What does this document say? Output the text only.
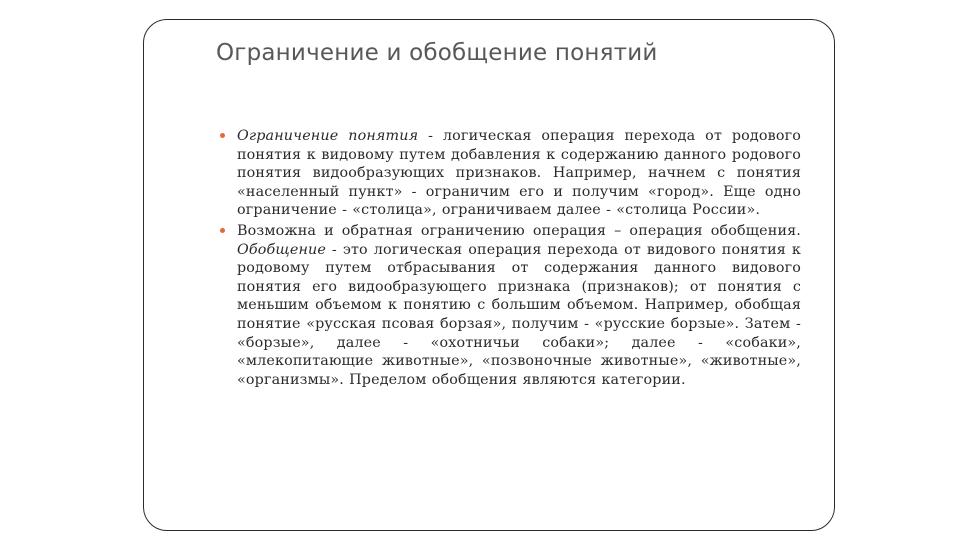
Ограничение и обобщение понятий
Ограничение понятия - логическая операция перехода от родового понятия к видовому путем добавления к содержанию данного родового понятия видообразующих признаков. Например, начнем с понятия «населенный пункт» - ограничим его и получим «город». Еще одно ограничение - «столица», ограничиваем далее - «столица России».
Возможна и обратная ограничению операция – операция обобщения. Обобщение - это логическая операция перехода от видового понятия к родовому путем отбрасывания от содержания данного видового понятия его видообразующего признака (признаков); от понятия с меньшим объемом к понятию с большим объемом. Например, обобщая понятие «русская псовая борзая», получим - «русские борзые». Затем - «борзые», далее - «охотничьи собаки»; далее - «собаки», «млекопитающие животные», «позвоночные животные», «животные», «организмы». Пределом обобщения являются категории.
